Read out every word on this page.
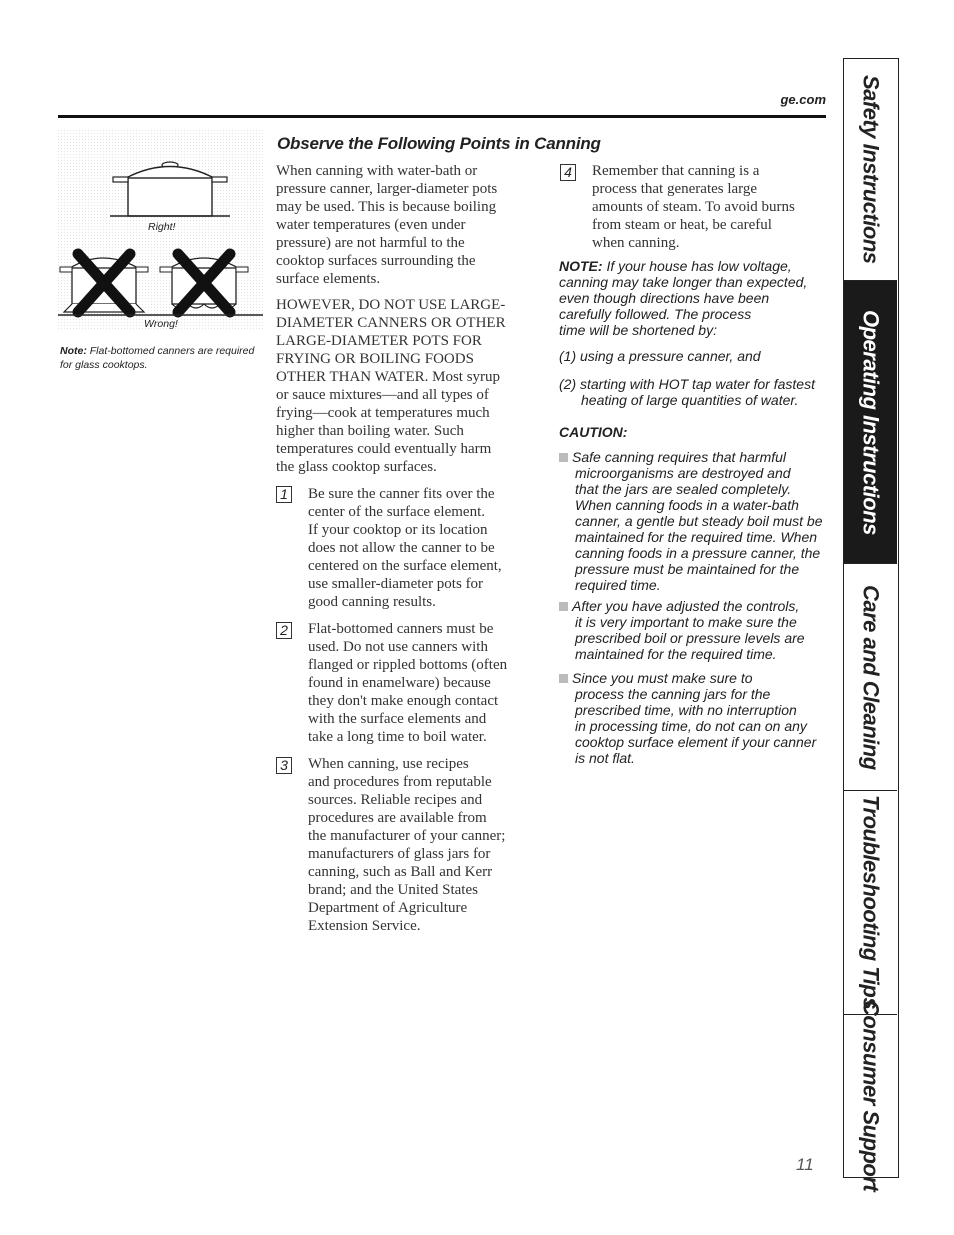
ge.com
Right!
Wrong!
Note: Flat-bottomed canners are required for glass cooktops.
Observe the Following Points in Canning
When canning with water-bath or
pressure canner, larger-diameter pots
may be used. This is because boiling
water temperatures (even under
pressure) are not harmful to the
cooktop surfaces surrounding the
surface elements.
HOWEVER, DO NOT USE LARGE-
DIAMETER CANNERS OR OTHER
LARGE-DIAMETER POTS FOR
FRYING OR BOILING FOODS
OTHER THAN WATER. Most syrup
or sauce mixtures—and all types of
frying—cook at temperatures much
higher than boiling water. Such
temperatures could eventually harm
the glass cooktop surfaces.
1 Be sure the canner fits over the
center of the surface element.
If your cooktop or its location
does not allow the canner to be
centered on the surface element,
use smaller-diameter pots for
good canning results.
2 Flat-bottomed canners must be
used. Do not use canners with
flanged or rippled bottoms (often
found in enamelware) because
they don't make enough contact
with the surface elements and
take a long time to boil water.
3 When canning, use recipes
and procedures from reputable
sources. Reliable recipes and
procedures are available from
the manufacturer of your canner;
manufacturers of glass jars for
canning, such as Ball and Kerr
brand; and the United States
Department of Agriculture
Extension Service.
4 Remember that canning is a
process that generates large
amounts of steam. To avoid burns
from steam or heat, be careful
when canning.
NOTE: If your house has low voltage,
canning may take longer than expected,
even though directions have been
carefully followed. The process
time will be shortened by:
(1) using a pressure canner, and
(2) starting with HOT tap water for fastest
heating of large quantities of water.
CAUTION:
Safe canning requires that harmful
microorganisms are destroyed and
that the jars are sealed completely.
When canning foods in a water-bath
canner, a gentle but steady boil must be
maintained for the required time. When
canning foods in a pressure canner, the
pressure must be maintained for the
required time.
After you have adjusted the controls,
it is very important to make sure the
prescribed boil or pressure levels are
maintained for the required time.
Since you must make sure to
process the canning jars for the
prescribed time, with no interruption
in processing time, do not can on any
cooktop surface element if your canner
is not flat.
Safety Instructions
Operating Instructions
Care and Cleaning
Troubleshooting Tips
Consumer Support
11
